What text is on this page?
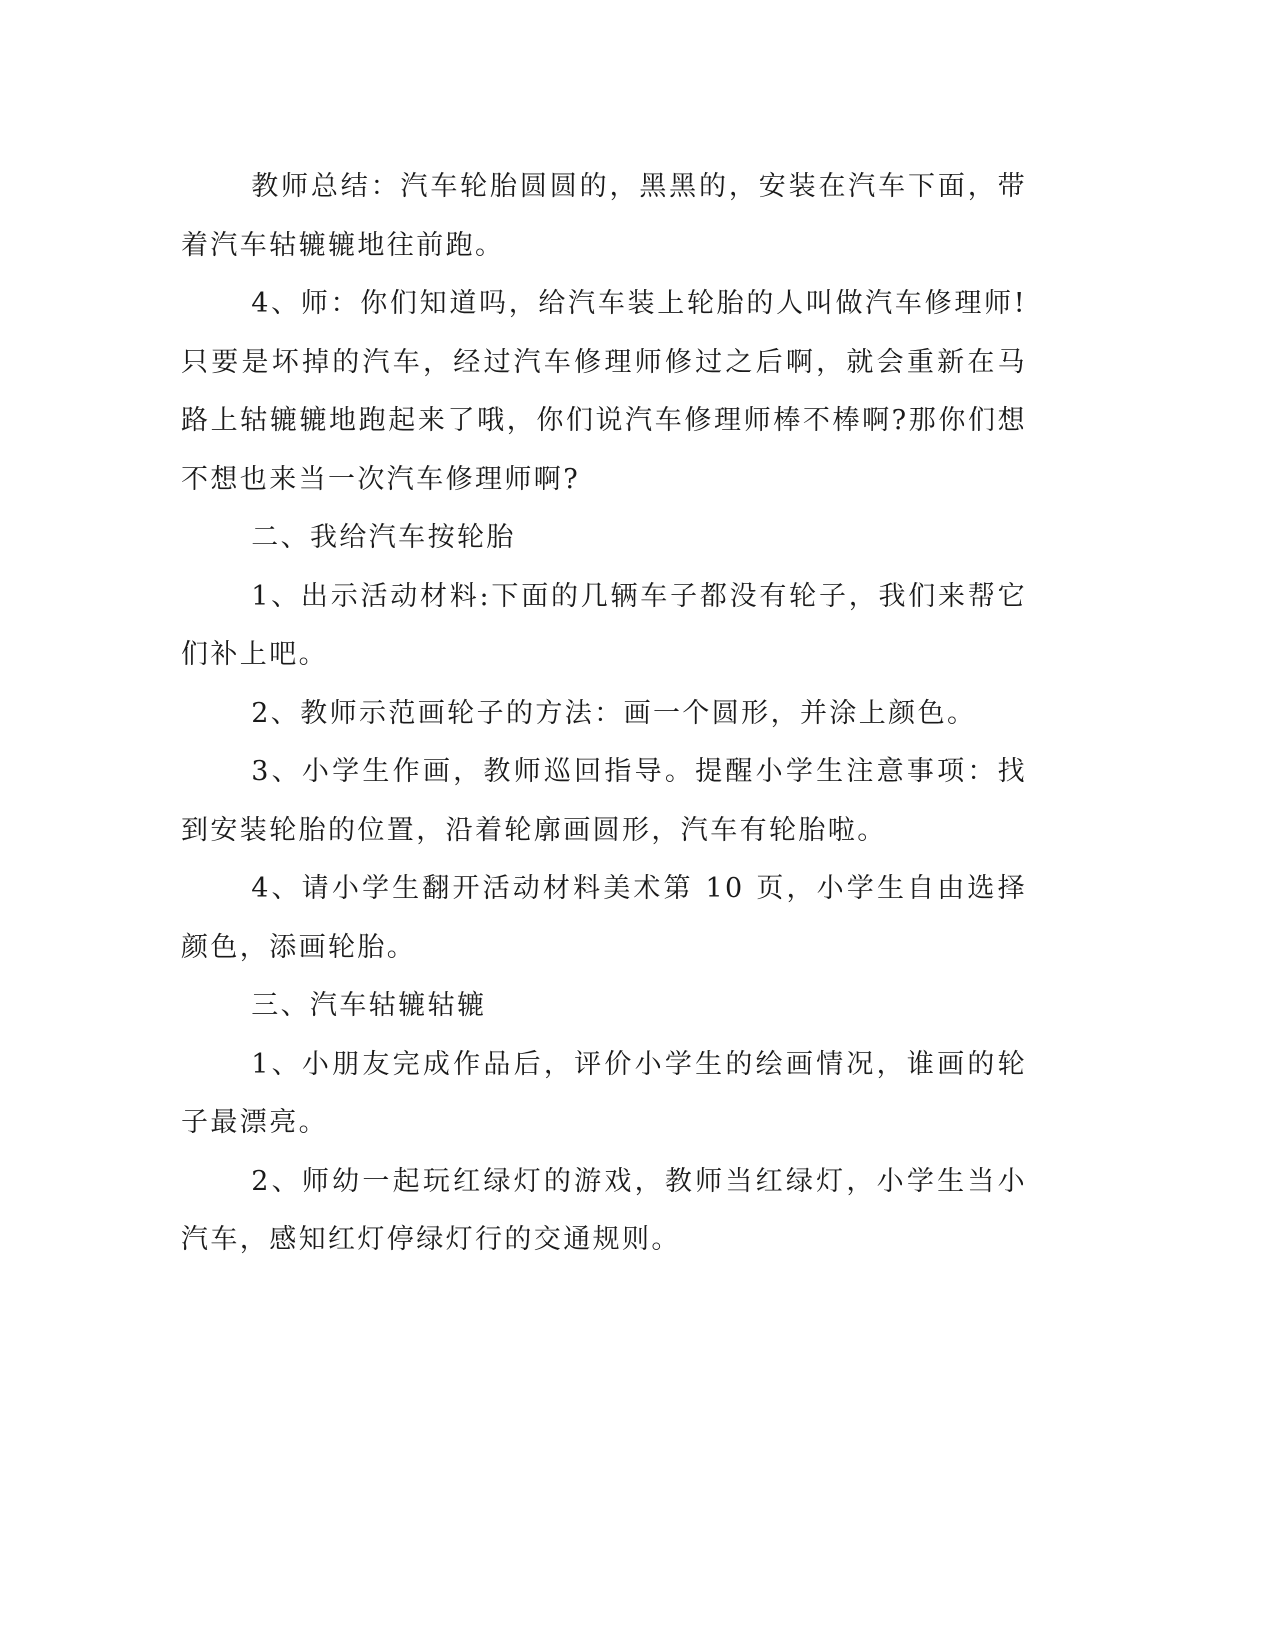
教师总结：汽车轮胎圆圆的，黑黑的，安装在汽车下面，带着汽车轱辘辘地往前跑。

4、师：你们知道吗，给汽车装上轮胎的人叫做汽车修理师!只要是坏掉的汽车，经过汽车修理师修过之后啊，就会重新在马路上轱辘辘地跑起来了哦，你们说汽车修理师棒不棒啊?那你们想不想也来当一次汽车修理师啊?

二、我给汽车按轮胎

1、出示活动材料:下面的几辆车子都没有轮子，我们来帮它们补上吧。

2、教师示范画轮子的方法：画一个圆形，并涂上颜色。

3、小学生作画，教师巡回指导。提醒小学生注意事项：找到安装轮胎的位置，沿着轮廓画圆形，汽车有轮胎啦。

4、请小学生翻开活动材料美术第 10 页，小学生自由选择颜色，添画轮胎。

三、汽车轱辘轱辘

1、小朋友完成作品后，评价小学生的绘画情况，谁画的轮子最漂亮。

2、师幼一起玩红绿灯的游戏，教师当红绿灯，小学生当小汽车，感知红灯停绿灯行的交通规则。
